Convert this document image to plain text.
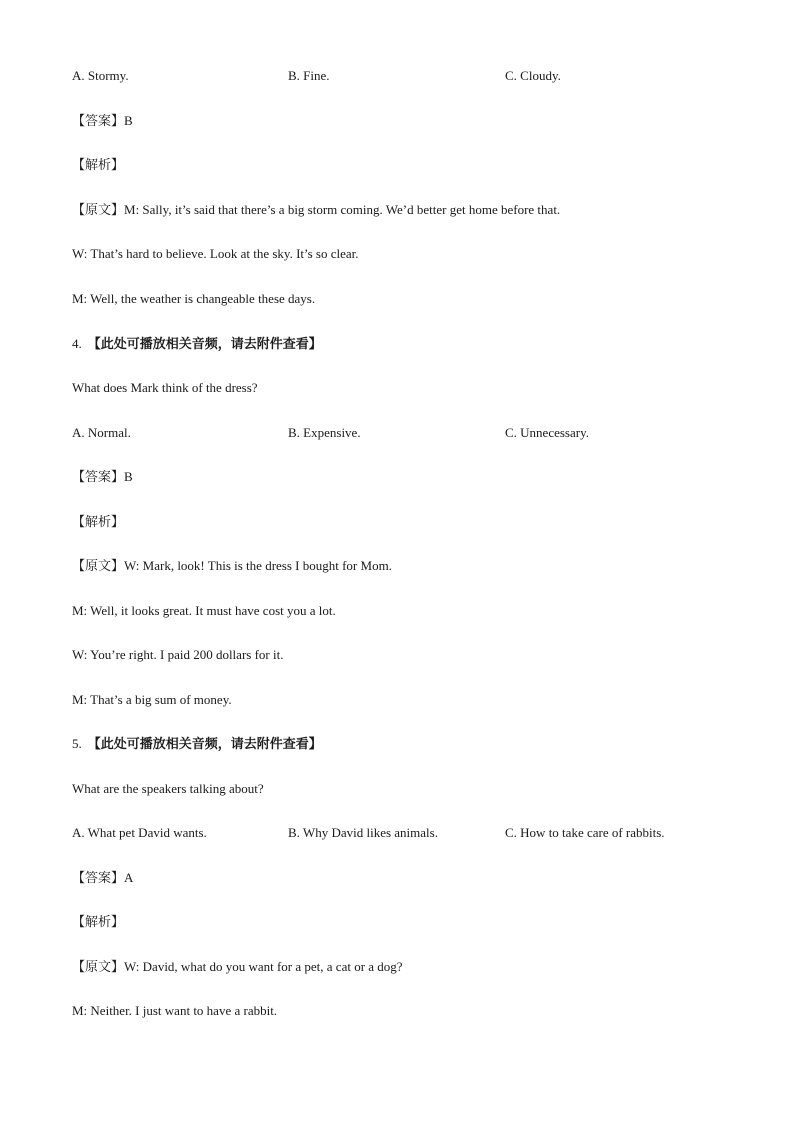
A. Stormy.	B. Fine.	C. Cloudy.
【答案】B
【解析】
【原文】M: Sally, it’s said that there’s a big storm coming. We’d better get home before that.
W: That’s hard to believe. Look at the sky. It’s so clear.
M: Well, the weather is changeable these days.
4. 【此处可播放相关音频，请去附件查看】
What does Mark think of the dress?
A. Normal.	B. Expensive.	C. Unnecessary.
【答案】B
【解析】
【原文】W: Mark, look! This is the dress I bought for Mom.
M: Well, it looks great. It must have cost you a lot.
W: You’re right. I paid 200 dollars for it.
M: That’s a big sum of money.
5. 【此处可播放相关音频，请去附件查看】
What are the speakers talking about?
A. What pet David wants.	B. Why David likes animals.	C. How to take care of rabbits.
【答案】A
【解析】
【原文】W: David, what do you want for a pet, a cat or a dog?
M: Neither. I just want to have a rabbit.
